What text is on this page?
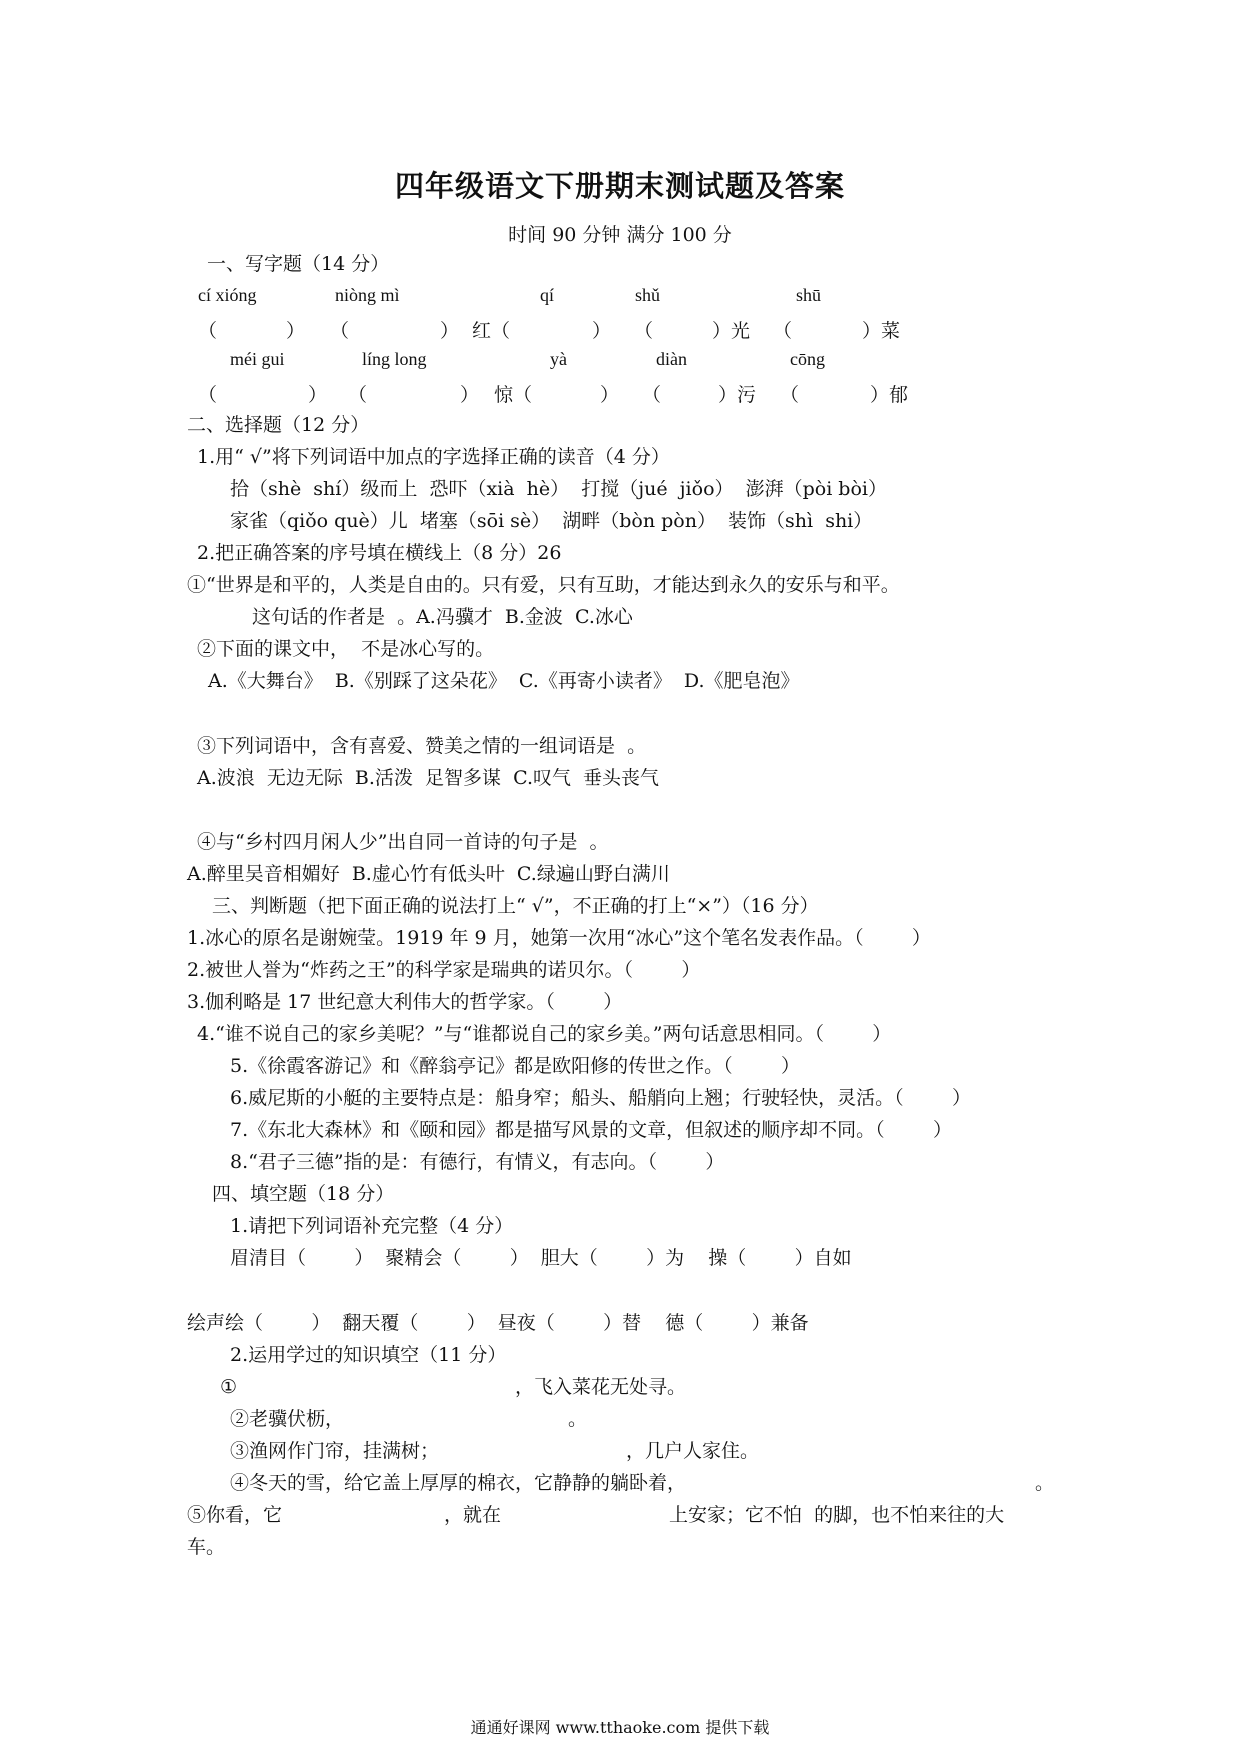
四年级语文下册期末测试题及答案
时间 90 分钟 满分 100 分
一、写字题（14 分）
cí xióng	niòng mì	qí	shǔ	shū
（	） （	） 红（	） （	）光 （	）菜
méi gui	líng long	yà	diàn	cōng
（	） （	） 惊（	） （	）污 （	）郁
二、选择题（12 分）
1.用“ √”将下列词语中加点的字选择正确的读音（4 分）
拾（shè  shí）级而上  恐吓（xià  hè）  打搅（jué  jiǒo）  澎湃（pòi bòi）
家雀（qiǒo què）儿  堵塞（sōi sè）  湖畔（bòn pòn）  装饰（shì  shi）
2.把正确答案的序号填在横线上（8 分）26
①“世界是和平的，人类是自由的。只有爱，只有互助，才能达到永久的安乐与和平。
这句话的作者是  。A.冯骥才  B.金波  C.冰心
②下面的课文中，  不是冰心写的。
A.《大舞台》  B.《别踩了这朵花》  C.《再寄小读者》  D.《肥皂泡》
③下列词语中，含有喜爱、赞美之情的一组词语是  。
A.波浪  无边无际  B.活泼  足智多谋  C.叹气  垂头丧气
④与“乡村四月闲人少”出自同一首诗的句子是  。
A.醉里吴音相媚好  B.虚心竹有低头叶  C.绿遍山野白满川
三、判断题（把下面正确的说法打上“ √”，不正确的打上“×”）（16 分）
1.冰心的原名是谢婉莹。1919 年 9 月，她第一次用“冰心”这个笔名发表作品。（        ）
2.被世人誉为“炸药之王”的科学家是瑞典的诺贝尔。（        ）
3.伽利略是 17 世纪意大利伟大的哲学家。（        ）
4.“谁不说自己的家乡美呢？”与“谁都说自己的家乡美。”两句话意思相同。（        ）
5.《徐霞客游记》和《醉翁亭记》都是欧阳修的传世之作。（        ）
6.威尼斯的小艇的主要特点是：船身窄；船头、船艄向上翘；行驶轻快，灵活。（        ）
7.《东北大森林》和《颐和园》都是描写风景的文章，但叙述的顺序却不同。（        ）
8.“君子三德”指的是：有德行，有情义，有志向。（        ）
四、填空题（18 分）
1.请把下列词语补充完整（4 分）
眉清目（        ）  聚精会（        ）  胆大（        ）为    操（        ）自如
绘声绘（        ）  翻天覆（        ）  昼夜（        ）替    德（        ）兼备
2.运用学过的知识填空（11 分）
①	，飞入菜花无处寻。
②老骥伏枥，	。
③渔网作门帘，挂满树；	，几户人家住。
④冬天的雪，给它盖上厚厚的棉衣，它静静的躺卧着，	。
⑤你看，它	，就在	上安家；它不怕  的脚，也不怕来往的大
车。
通通好课网 www.tthaoke.com 提供下载
